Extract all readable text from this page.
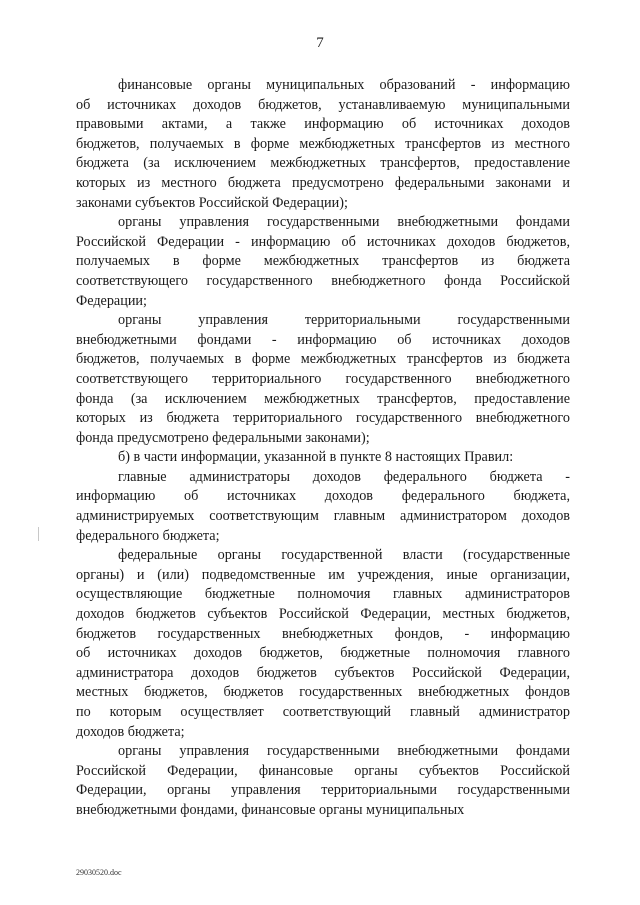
7
финансовые органы муниципальных образований - информацию
об источниках доходов бюджетов, устанавливаемую муниципальными
правовыми актами, а также информацию об источниках доходов
бюджетов, получаемых в форме межбюджетных трансфертов из местного
бюджета (за исключением межбюджетных трансфертов, предоставление
которых из местного бюджета предусмотрено федеральными законами и
законами субъектов Российской Федерации);
органы управления государственными внебюджетными фондами
Российской Федерации - информацию об источниках доходов бюджетов,
получаемых в форме межбюджетных трансфертов из бюджета
соответствующего государственного внебюджетного фонда Российской
Федерации;
органы управления территориальными государственными
внебюджетными фондами - информацию об источниках доходов
бюджетов, получаемых в форме межбюджетных трансфертов из бюджета
соответствующего территориального государственного внебюджетного
фонда (за исключением межбюджетных трансфертов, предоставление
которых из бюджета территориального государственного внебюджетного
фонда предусмотрено федеральными законами);
б) в части информации, указанной в пункте 8 настоящих Правил:
главные администраторы доходов федерального бюджета -
информацию об источниках доходов федерального бюджета,
администрируемых соответствующим главным администратором доходов
федерального бюджета;
федеральные органы государственной власти (государственные
органы) и (или) подведомственные им учреждения, иные организации,
осуществляющие бюджетные полномочия главных администраторов
доходов бюджетов субъектов Российской Федерации, местных бюджетов,
бюджетов государственных внебюджетных фондов, - информацию
об источниках доходов бюджетов, бюджетные полномочия главного
администратора доходов бюджетов субъектов Российской Федерации,
местных бюджетов, бюджетов государственных внебюджетных фондов
по которым осуществляет соответствующий главный администратор
доходов бюджета;
органы управления государственными внебюджетными фондами
Российской Федерации, финансовые органы субъектов Российской
Федерации, органы управления территориальными государственными
внебюджетными фондами, финансовые органы муниципальных
29030520.doc
